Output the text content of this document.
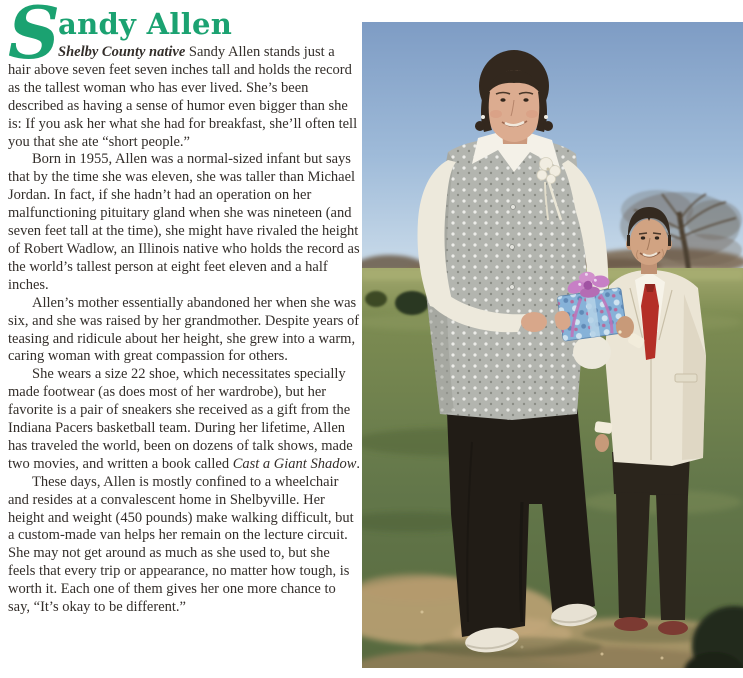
S
andy Allen

Shelby County native Sandy Allen stands just a hair above seven feet seven inches tall and holds the record as the tallest woman who has ever lived. She’s been described as having a sense of humor even bigger than she is: If you ask her what she had for breakfast, she’ll often tell you that she ate “short people.”

Born in 1955, Allen was a normal-sized infant but says that by the time she was eleven, she was taller than Michael Jordan. In fact, if she hadn’t had an operation on her malfunctioning pituitary gland when she was nineteen (and seven feet tall at the time), she might have rivaled the height of Robert Wadlow, an Illinois native who holds the record as the world’s tallest person at eight feet eleven and a half inches.

Allen’s mother essentially abandoned her when she was six, and she was raised by her grandmother. Despite years of teasing and ridicule about her height, she grew into a warm, caring woman with great compassion for others.

She wears a size 22 shoe, which necessitates specially made footwear (as does most of her wardrobe), but her favorite is a pair of sneakers she received as a gift from the Indiana Pacers basketball team. During her lifetime, Allen has traveled the world, been on dozens of talk shows, made two movies, and written a book called Cast a Giant Shadow.

These days, Allen is mostly confined to a wheelchair and resides at a convalescent home in Shelbyville. Her height and weight (450 pounds) make walking difficult, but a custom-made van helps her remain on the lecture circuit. She may not get around as much as she used to, but she feels that every trip or appearance, no matter how tough, is worth it. Each one of them gives her one more chance to say, “It’s okay to be different.”
